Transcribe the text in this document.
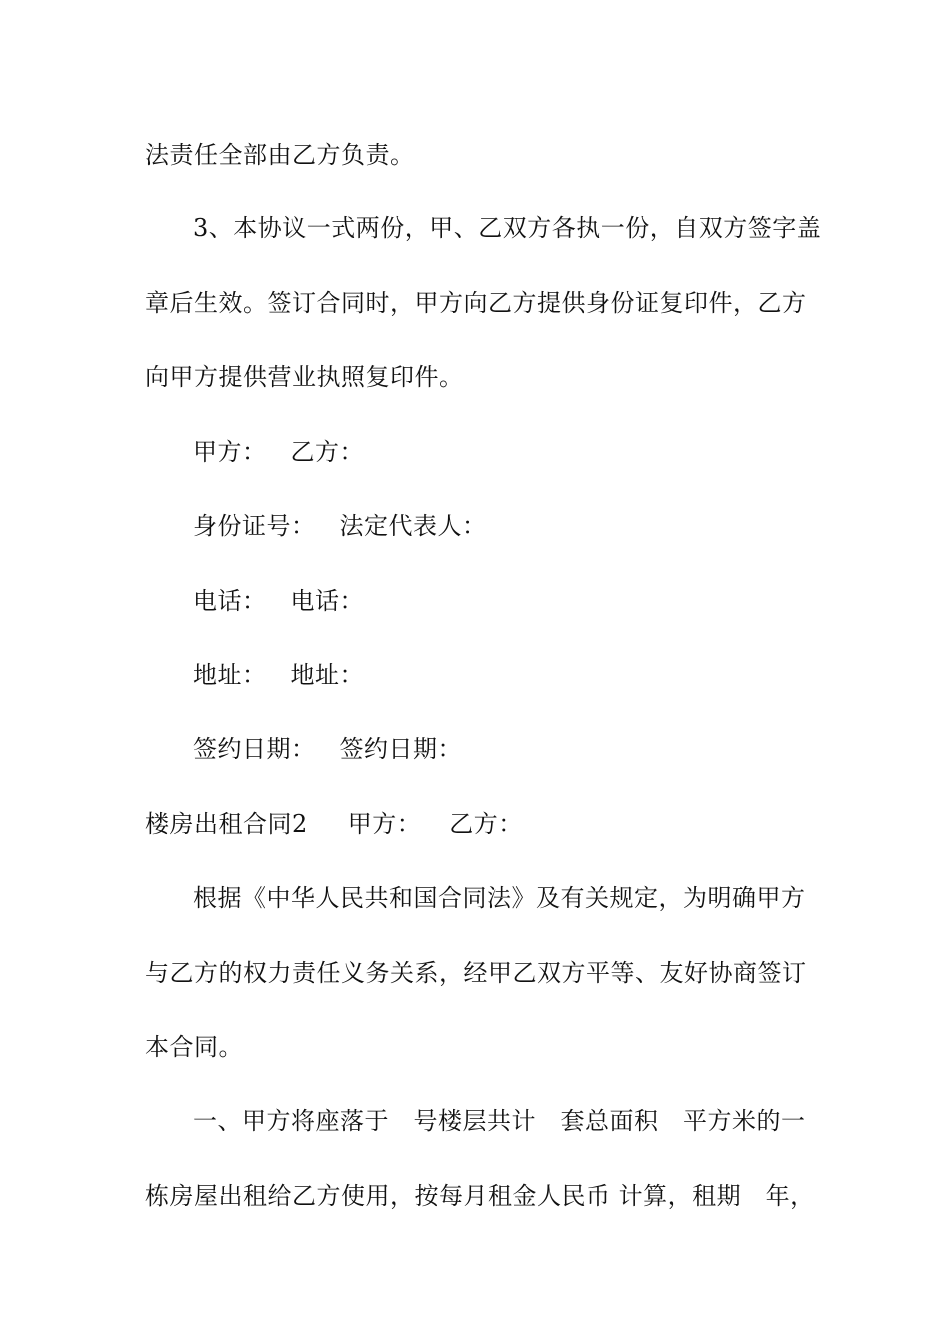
法责任全部由乙方负责。
3、本协议一式两份，甲、乙双方各执一份，自双方签字盖
章后生效。签订合同时，甲方向乙方提供身份证复印件，乙方
向甲方提供营业执照复印件。
甲方： 乙方：
身份证号： 法定代表人：
电话： 电话：
地址： 地址：
签约日期： 签约日期：
楼房出租合同2 甲方： 乙方：
根据《中华人民共和国合同法》及有关规定，为明确甲方
与乙方的权力责任义务关系，经甲乙双方平等、友好协商签订
本合同。
一、甲方将座落于　号楼层共计　套总面积　平方米的一
栋房屋出租给乙方使用，按每月租金人民币 计算，租期　年，
